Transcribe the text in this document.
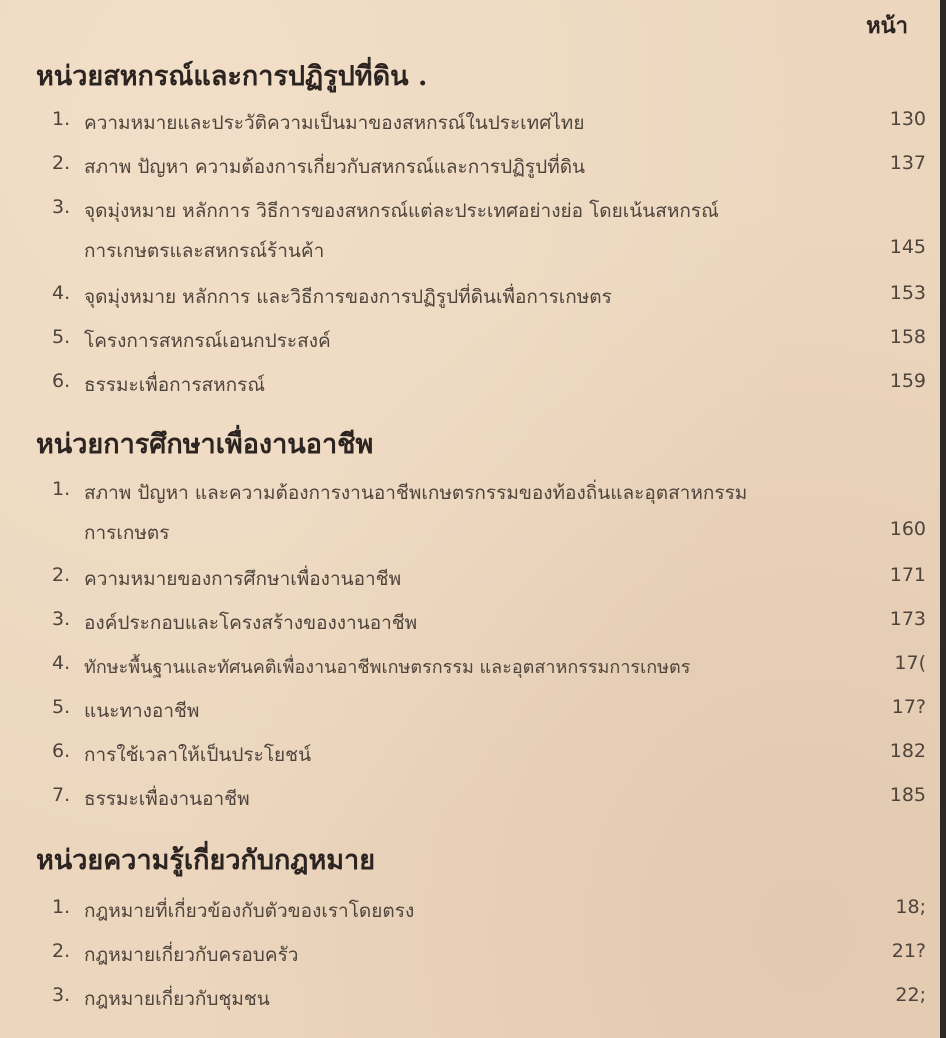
หน้า
หน่วยสหกรณ์และการปฏิรูปที่ดิน .
1. ความหมายและประวัติความเป็นมาของสหกรณ์ในประเทศไทย	130
2. สภาพ ปัญหา ความต้องการเกี่ยวกับสหกรณ์และการปฏิรูปที่ดิน	137
3. จุดมุ่งหมาย หลักการ วิธีการของสหกรณ์แต่ละประเทศอย่างย่อ โดยเน้นสหกรณ์
การเกษตรและสหกรณ์ร้านค้า	145
4. จุดมุ่งหมาย หลักการ และวิธีการของการปฏิรูปที่ดินเพื่อการเกษตร	153
5. โครงการสหกรณ์เอนกประสงค์	158
6. ธรรมะเพื่อการสหกรณ์	159
หน่วยการศึกษาเพื่องานอาชีพ
1. สภาพ ปัญหา และความต้องการงานอาชีพเกษตรกรรมของท้องถิ่นและอุตสาหกรรม
การเกษตร	160
2. ความหมายของการศึกษาเพื่องานอาชีพ	171
3. องค์ประกอบและโครงสร้างของงานอาชีพ	173
4. ทักษะพื้นฐานและทัศนคติเพื่องานอาชีพเกษตรกรรม และอุตสาหกรรมการเกษตร	17(
5. แนะทางอาชีพ	17?
6. การใช้เวลาให้เป็นประโยชน์	182
7. ธรรมะเพื่องานอาชีพ	185
หน่วยความรู้เกี่ยวกับกฎหมาย
1. กฎหมายที่เกี่ยวข้องกับตัวของเราโดยตรง	18;
2. กฎหมายเกี่ยวกับครอบครัว	21?
3. กฎหมายเกี่ยวกับชุมชน	22;
